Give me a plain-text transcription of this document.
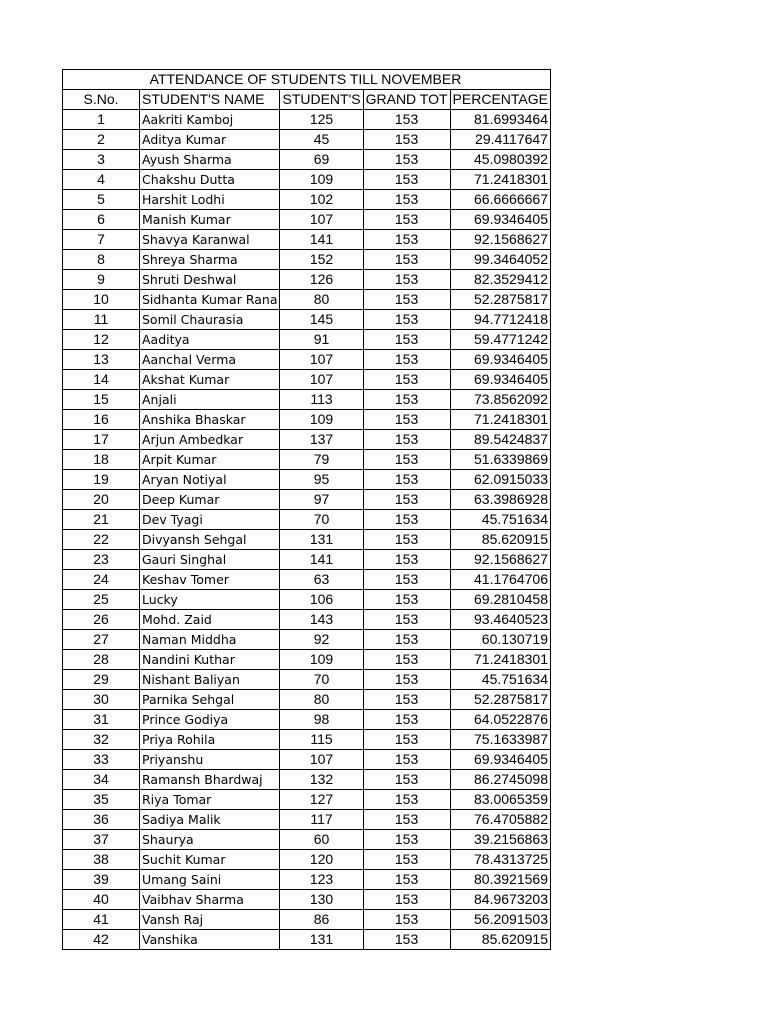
ATTENDANCE OF STUDENTS TILL NOVEMBER				
S.No.	STUDENT'S NAME	STUDENT'S	GRAND TOT	PERCENTAGE
1	Aakriti Kamboj	125	153	81.6993464
2	Aditya Kumar	45	153	29.4117647
3	Ayush Sharma	69	153	45.0980392
4	Chakshu Dutta	109	153	71.2418301
5	Harshit Lodhi	102	153	66.6666667
6	Manish Kumar	107	153	69.9346405
7	Shavya Karanwal	141	153	92.1568627
8	Shreya Sharma	152	153	99.3464052
9	Shruti Deshwal	126	153	82.3529412
10	Sidhanta Kumar Rana	80	153	52.2875817
11	Somil Chaurasia	145	153	94.7712418
12	Aaditya	91	153	59.4771242
13	Aanchal Verma	107	153	69.9346405
14	Akshat Kumar	107	153	69.9346405
15	Anjali	113	153	73.8562092
16	Anshika Bhaskar	109	153	71.2418301
17	Arjun Ambedkar	137	153	89.5424837
18	Arpit Kumar	79	153	51.6339869
19	Aryan Notiyal	95	153	62.0915033
20	Deep Kumar	97	153	63.3986928
21	Dev Tyagi	70	153	45.751634
22	Divyansh Sehgal	131	153	85.620915
23	Gauri Singhal	141	153	92.1568627
24	Keshav Tomer	63	153	41.1764706
25	Lucky	106	153	69.2810458
26	Mohd. Zaid	143	153	93.4640523
27	Naman Middha	92	153	60.130719
28	Nandini Kuthar	109	153	71.2418301
29	Nishant Baliyan	70	153	45.751634
30	Parnika Sehgal	80	153	52.2875817
31	Prince Godiya	98	153	64.0522876
32	Priya Rohila	115	153	75.1633987
33	Priyanshu	107	153	69.9346405
34	Ramansh Bhardwaj	132	153	86.2745098
35	Riya Tomar	127	153	83.0065359
36	Sadiya Malik	117	153	76.4705882
37	Shaurya	60	153	39.2156863
38	Suchit Kumar	120	153	78.4313725
39	Umang Saini	123	153	80.3921569
40	Vaibhav Sharma	130	153	84.9673203
41	Vansh Raj	86	153	56.2091503
42	Vanshika	131	153	85.620915
